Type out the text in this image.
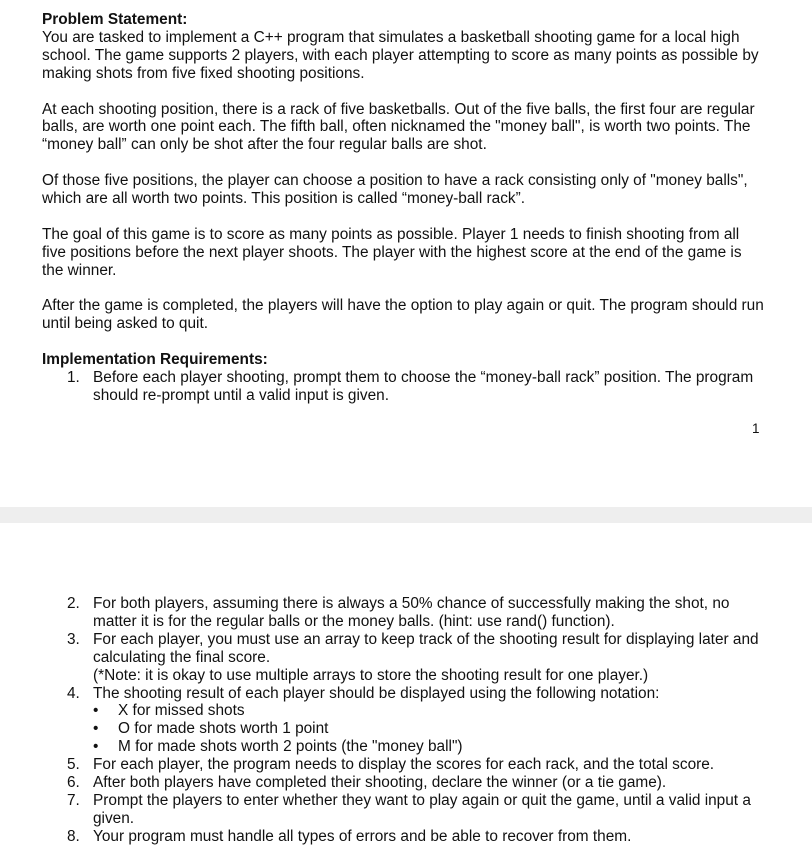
Problem Statement:

You are tasked to implement a C++ program that simulates a basketball shooting game for a local high school. The game supports 2 players, with each player attempting to score as many points as possible by making shots from five fixed shooting positions.

At each shooting position, there is a rack of five basketballs. Out of the five balls, the first four are regular balls, are worth one point each. The fifth ball, often nicknamed the "money ball", is worth two points. The “money ball” can only be shot after the four regular balls are shot.

Of those five positions, the player can choose a position to have a rack consisting only of "money balls", which are all worth two points. This position is called “money-ball rack”.

The goal of this game is to score as many points as possible. Player 1 needs to finish shooting from all five positions before the next player shoots. The player with the highest score at the end of the game is the winner.

After the game is completed, the players will have the option to play again or quit. The program should run until being asked to quit.

Implementation Requirements:
1. Before each player shooting, prompt them to choose the “money-ball rack” position. The program should re-prompt until a valid input is given.
1
2. For both players, assuming there is always a 50% chance of successfully making the shot, no matter it is for the regular balls or the money balls. (hint: use rand() function).
3. For each player, you must use an array to keep track of the shooting result for displaying later and calculating the final score.
(*Note: it is okay to use multiple arrays to store the shooting result for one player.)
4. The shooting result of each player should be displayed using the following notation:
• X for missed shots
• O for made shots worth 1 point
• M for made shots worth 2 points (the "money ball")
5. For each player, the program needs to display the scores for each rack, and the total score.
6. After both players have completed their shooting, declare the winner (or a tie game).
7. Prompt the players to enter whether they want to play again or quit the game, until a valid input a given.
8. Your program must handle all types of errors and be able to recover from them.
